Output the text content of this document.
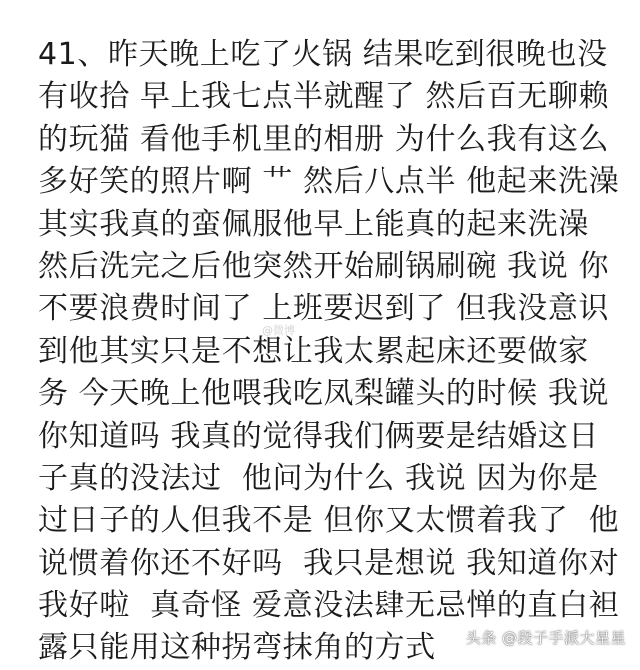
41、昨天晚上吃了火锅 结果吃到很晚也没
有收拾 早上我七点半就醒了 然后百无聊赖
的玩猫 看他手机里的相册 为什么我有这么
多好笑的照片啊 艹 然后八点半 他起来洗澡
其实我真的蛮佩服他早上能真的起来洗澡
然后洗完之后他突然开始刷锅刷碗 我说 你
不要浪费时间了 上班要迟到了 但我没意识
到他其实只是不想让我太累起床还要做家
务 今天晚上他喂我吃凤梨罐头的时候 我说
你知道吗 我真的觉得我们俩要是结婚这日
子真的没法过  他问为什么 我说 因为你是
过日子的人但我不是 但你又太惯着我了  他
说惯着你还不好吗  我只是想说 我知道你对
我好啦  真奇怪 爱意没法肆无忌惮的直白袒
露只能用这种拐弯抹角的方式
@微博
头条 @段子手派大星星
